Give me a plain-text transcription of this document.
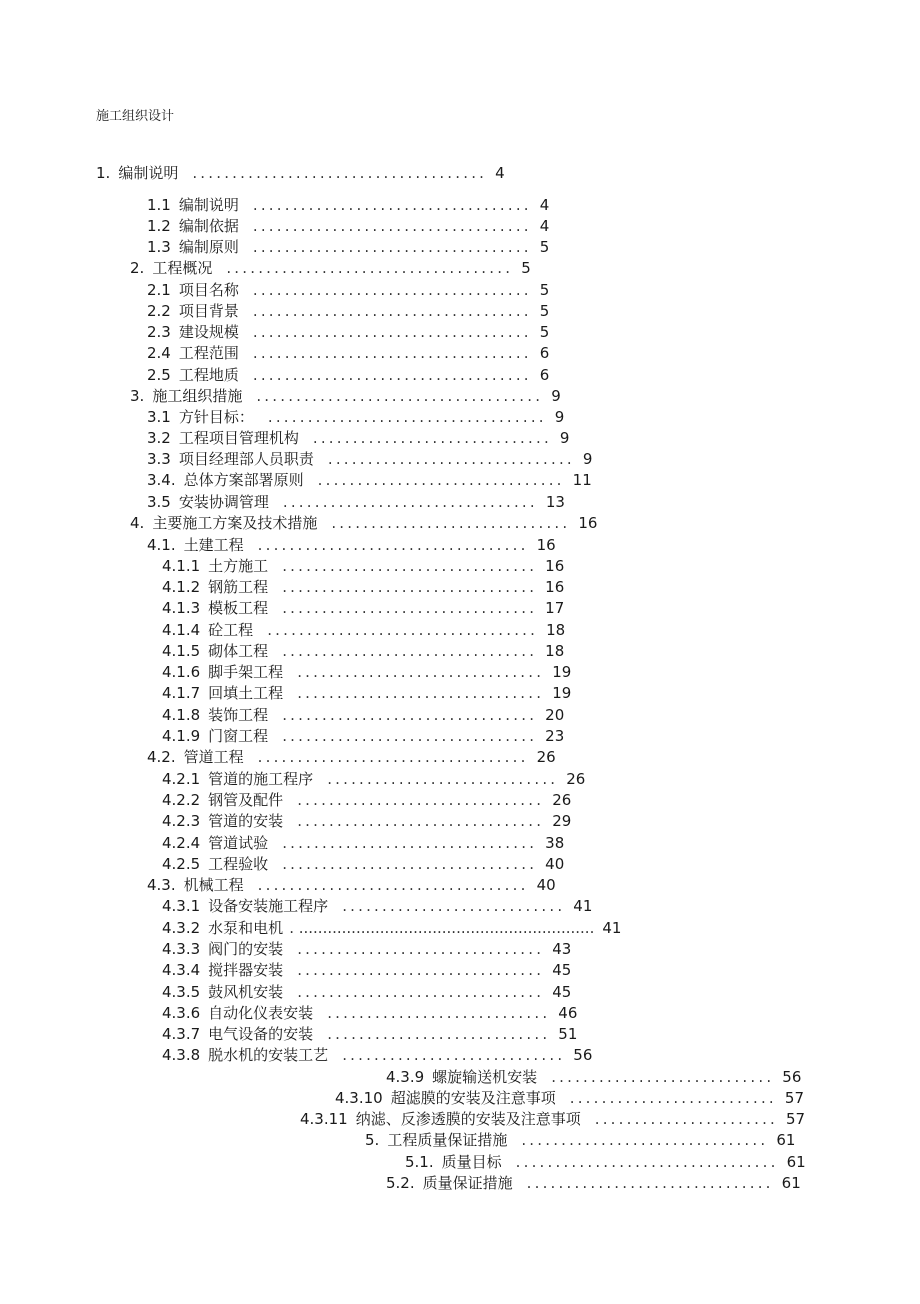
施工组织设计
1. 编制说明 ..................................... 4
1.1 编制说明 ................................... 4
1.2 编制依据 ................................... 4
1.3 编制原则 ................................... 5
2. 工程概况 .................................... 5
2.1 项目名称 ................................... 5
2.2 项目背景 ................................... 5
2.3 建设规模 ................................... 5
2.4 工程范围 ................................... 6
2.5 工程地质 ................................... 6
3. 施工组织措施 .................................... 9
3.1 方针目标： ................................... 9
3.2 工程项目管理机构 .............................. 9
3.3 项目经理部人员职责 ............................... 9
3.4. 总体方案部署原则 ............................... 11
3.5 安装协调管理 ................................ 13
4. 主要施工方案及技术措施 .............................. 16
4.1. 土建工程 .................................. 16
4.1.1 土方施工 ................................ 16
4.1.2 钢筋工程 ................................ 16
4.1.3 模板工程 ................................ 17
4.1.4 砼工程 .................................. 18
4.1.5 砌体工程 ................................ 18
4.1.6 脚手架工程 ............................... 19
4.1.7 回填土工程 ............................... 19
4.1.8 装饰工程 ................................ 20
4.1.9 门窗工程 ................................ 23
4.2. 管道工程 .................................. 26
4.2.1 管道的施工程序 ............................. 26
4.2.2 钢管及配件 ............................... 26
4.2.3 管道的安装 ............................... 29
4.2.4 管道试验 ................................ 38
4.2.5 工程验收 ................................ 40
4.3. 机械工程 .................................. 40
4.3.1 设备安装施工程序 ............................ 41
4.3.2 水泵和电机 . .............................................................. 41
4.3.3 阀门的安装 ............................... 43
4.3.4 搅拌器安装 ............................... 45
4.3.5 鼓风机安装 ............................... 45
4.3.6 自动化仪表安装 ............................ 46
4.3.7 电气设备的安装 ............................ 51
4.3.8 脱水机的安装工艺 ............................ 56
4.3.9 螺旋输送机安装 ............................ 56
4.3.10 超滤膜的安装及注意事项 .......................... 57
4.3.11 纳滤、反渗透膜的安装及注意事项 ....................... 57
5. 工程质量保证措施 ............................... 61
5.1. 质量目标 ................................. 61
5.2. 质量保证措施 ............................... 61
